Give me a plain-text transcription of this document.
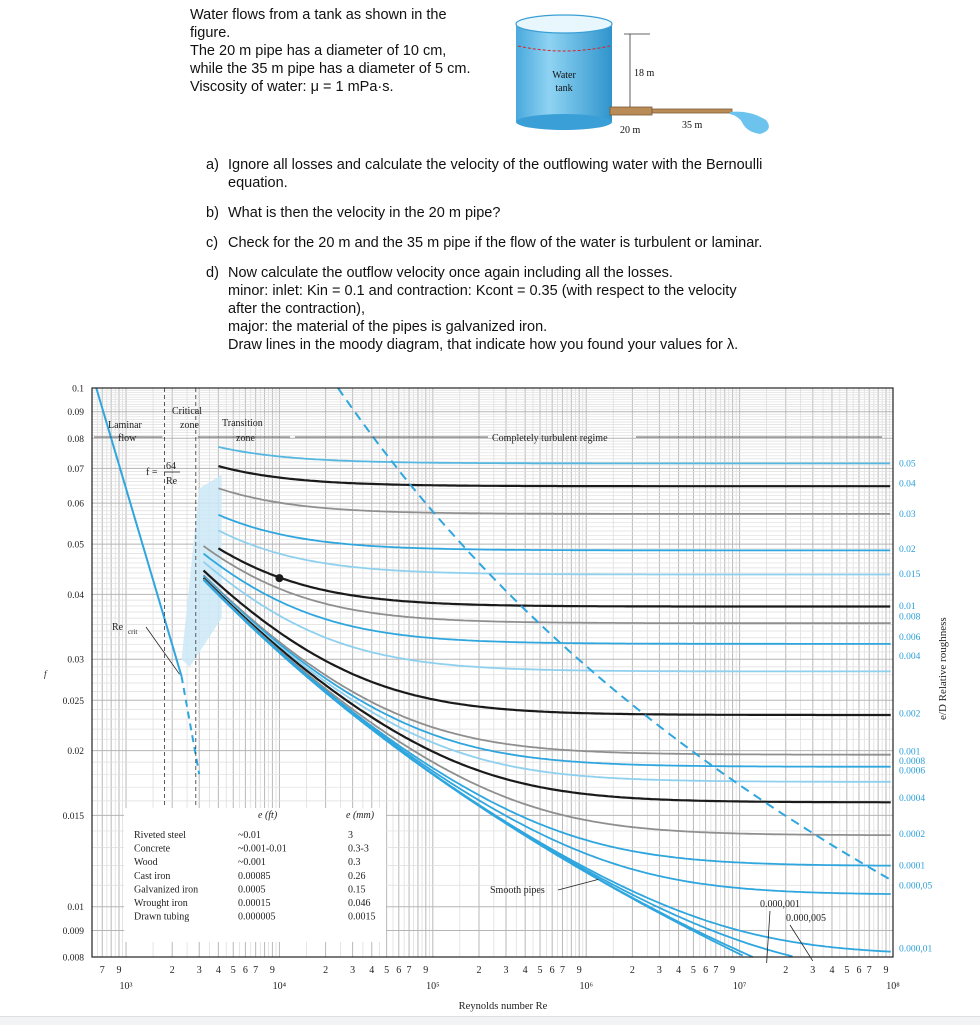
Water flows from a tank as shown in the

figure.

The 20 m pipe has a diameter of 10 cm,

while the 35 m pipe has a diameter of 5 cm.

Viscosity of water: μ = 1 mPa·s.

Water
tank
18 m
20 m	35 m
a) Ignore all losses and calculate the velocity of the outflowing water with the Bernoulli
equation.
b) What is then the velocity in the 20 m pipe?
c) Check for the 20 m and the 35 m pipe if the flow of the water is turbulent or laminar.
d) Now calculate the outflow velocity once again including all the losses.
minor: inlet: Kin = 0.1 and contraction: Kcont = 0.35 (with respect to the velocity
after the contraction),
major: the material of the pipes is galvanized iron.
Draw lines in the moody diagram, that indicate how you found your values for λ.
Laminar
flow
Critical
zone Transition
zone	Completely turbulent regime
f =
64
Re
Re crit
Smooth pipes
0.000,001
0.000,005
e (ft)	e (mm)
Riveted steel	~0.01	3
Concrete	~0.001-0.01	0.3-3
Wood	~0.001	0.3
Cast iron	0.00085	0.26
Galvanized iron	0.0005	0.15
Wrought iron	0.00015	0.046
Drawn tubing	0.000005	0.0015
0.05
0.04
0.03
0.02
0.015
0.01
0.008
0.006
0.004
0.002
0.001
0.0008
0.0006
0.0004
0.0002
0.0001
0.000,05
0.000,01
e/D Relative roughness
0.1
0.09
0.08
0.07
0.06
0.05
0.04
0.03
0.025
0.02
0.015
0.01
0.009
0.008
f
7 9	2 3 4 5 6 7 9	2 3 4 5 6 7 9	2 3 4 5 6 7 9	2 3 4 5 6 7 9	2 3 4 5 6 7 9
10³	10⁴	10⁵	10⁶	10⁷	10⁸
Reynolds number Re
